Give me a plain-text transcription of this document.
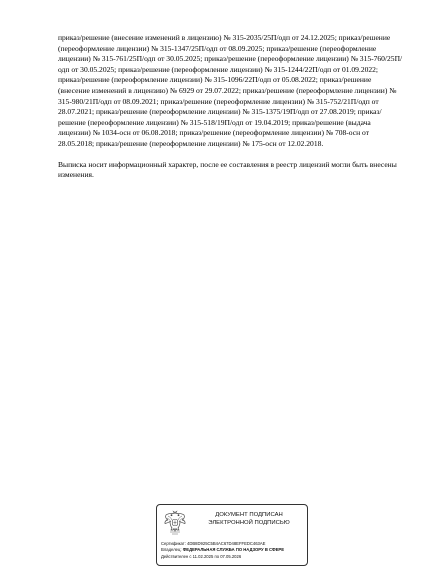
приказ/решение (внесение изменений в лицензию) № 315-2035/25П/одп от 24.12.2025; приказ/решение (переоформление лицензии) № 315-1347/25П/одп от 08.09.2025; приказ/решение (переоформление лицензии) № 315-761/25П/одп от 30.05.2025; приказ/решение (переоформление лицензии) № 315-760/25П/одп от 30.05.2025; приказ/решение (переоформление лицензии) № 315-1244/22П/одп от 01.09.2022; приказ/решение (переоформление лицензии) № 315-1096/22П/одп от 05.08.2022; приказ/решение (внесение изменений в лицензию) № 6929 от 29.07.2022; приказ/решение (переоформление лицензии) № 315-980/21П/одп от 08.09.2021; приказ/решение (переоформление лицензии) № 315-752/21П/одп от 28.07.2021; приказ/решение (переоформление лицензии) № 315-1375/19П/одп от 27.08.2019; приказ/решение (переоформление лицензии) № 315-518/19П/одп от 19.04.2019; приказ/решение (выдача лицензии) № 1034-осн от 06.08.2018; приказ/решение (переоформление лицензии) № 708-осн от 28.05.2018; приказ/решение (переоформление лицензии) № 175-осн от 12.02.2018.

Выписка носит информационный характер, после ее составления в реестр лицензий могли быть внесены изменения.

ДОКУМЕНТ ПОДПИСАН
ЭЛЕКТРОННОЙ ПОДПИСЬЮ
Сертификат: 4DB8D925C5B4AC67D48EFFEDC463AE
Владелец: ФЕДЕРАЛЬНАЯ СЛУЖБА ПО НАДЗОРУ В СФЕРЕ
Действителен с 11.02.2025 по 07.05.2026
